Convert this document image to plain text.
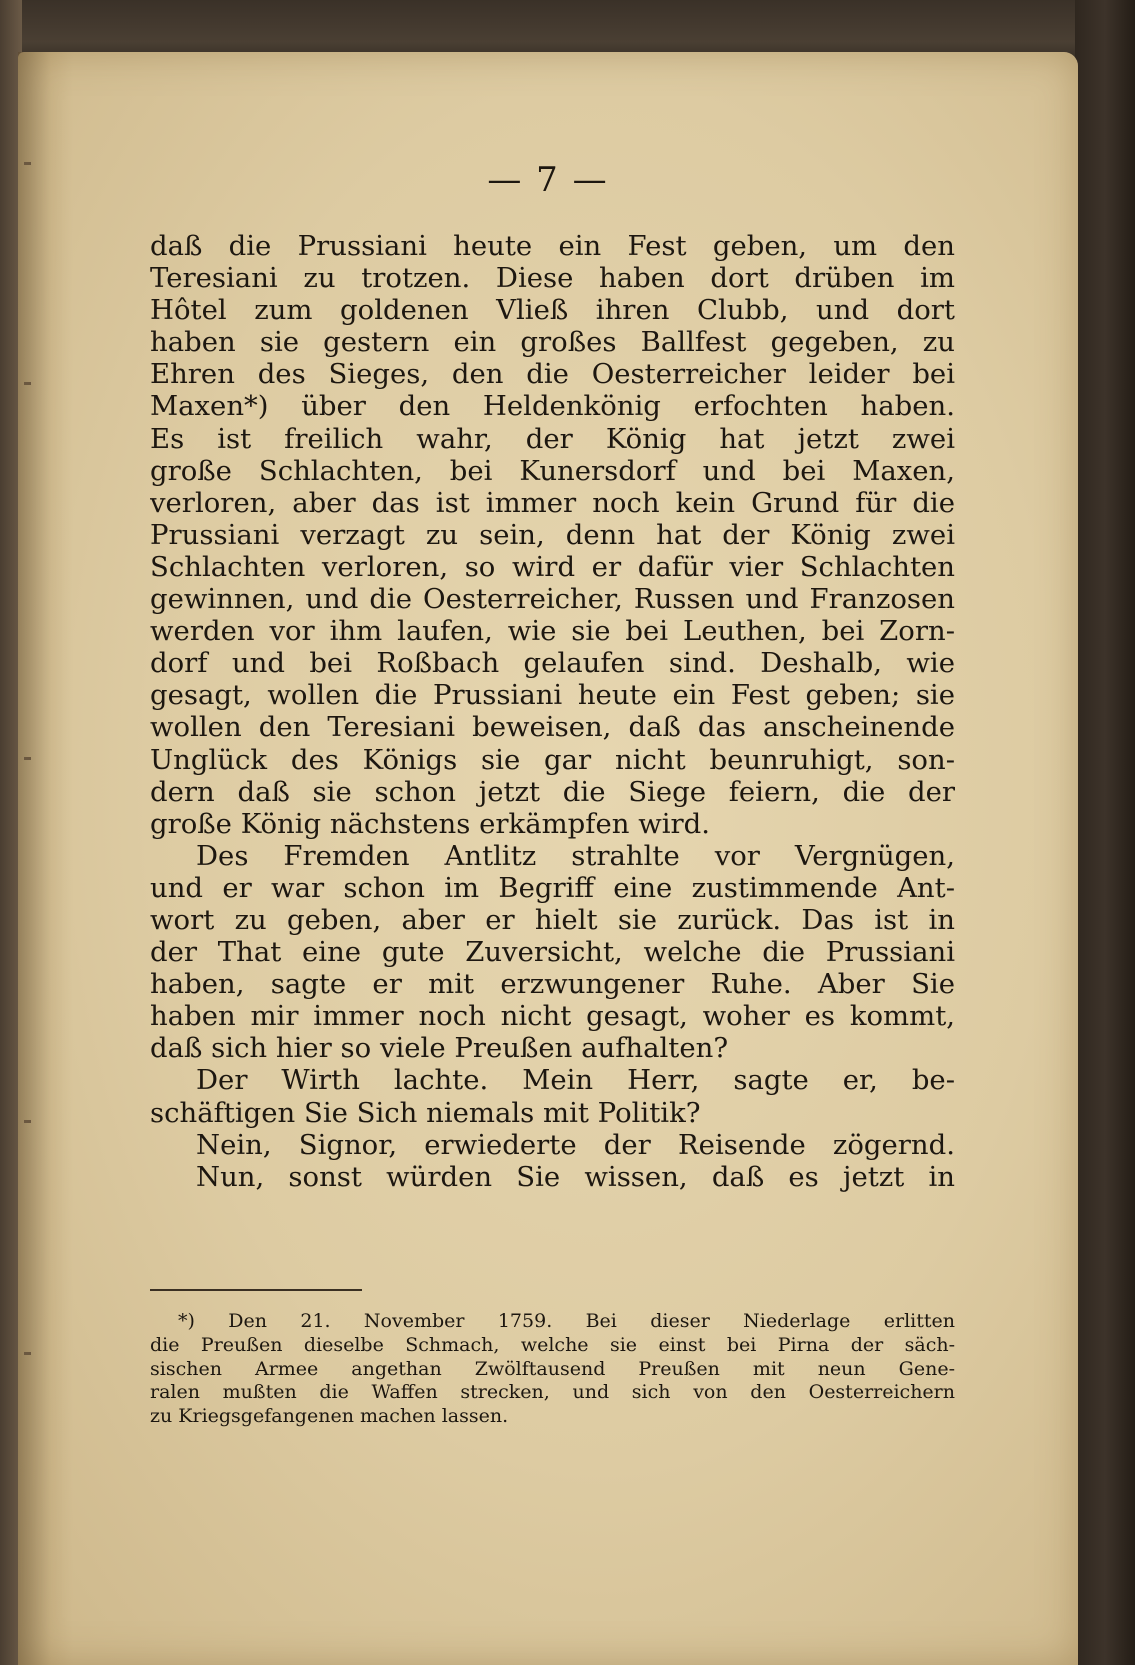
— 7 —
daß die Prussiani heute ein Fest geben, um den
Teresiani zu trotzen. Diese haben dort drüben im
Hôtel zum goldenen Vließ ihren Clubb, und dort
haben sie gestern ein großes Ballfest gegeben, zu
Ehren des Sieges, den die Oesterreicher leider bei
Maxen*) über den Heldenkönig erfochten haben.
Es ist freilich wahr, der König hat jetzt zwei
große Schlachten, bei Kunersdorf und bei Maxen,
verloren, aber das ist immer noch kein Grund für die
Prussiani verzagt zu sein, denn hat der König zwei
Schlachten verloren, so wird er dafür vier Schlachten
gewinnen, und die Oesterreicher, Russen und Franzosen
werden vor ihm laufen, wie sie bei Leuthen, bei Zorn-
dorf und bei Roßbach gelaufen sind. Deshalb, wie
gesagt, wollen die Prussiani heute ein Fest geben; sie
wollen den Teresiani beweisen, daß das anscheinende
Unglück des Königs sie gar nicht beunruhigt, son-
dern daß sie schon jetzt die Siege feiern, die der
große König nächstens erkämpfen wird.
Des Fremden Antlitz strahlte vor Vergnügen,
und er war schon im Begriff eine zustimmende Ant-
wort zu geben, aber er hielt sie zurück. Das ist in
der That eine gute Zuversicht, welche die Prussiani
haben, sagte er mit erzwungener Ruhe. Aber Sie
haben mir immer noch nicht gesagt, woher es kommt,
daß sich hier so viele Preußen aufhalten?
Der Wirth lachte. Mein Herr, sagte er, be-
schäftigen Sie Sich niemals mit Politik?
Nein, Signor, erwiederte der Reisende zögernd.
Nun, sonst würden Sie wissen, daß es jetzt in
*) Den 21. November 1759. Bei dieser Niederlage erlitten
die Preußen dieselbe Schmach, welche sie einst bei Pirna der säch-
sischen Armee angethan Zwölftausend Preußen mit neun Gene-
ralen mußten die Waffen strecken, und sich von den Oesterreichern
zu Kriegsgefangenen machen lassen.
